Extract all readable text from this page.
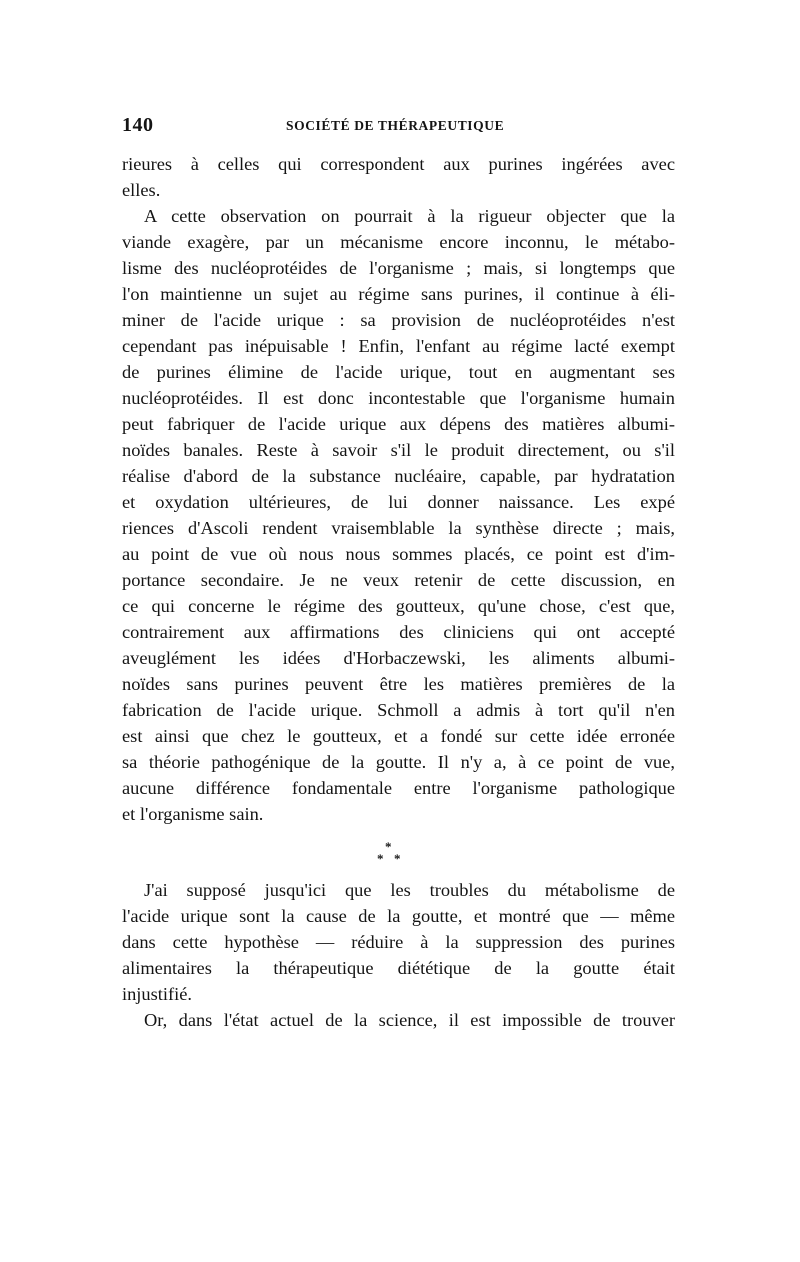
140	SOCIÉTÉ DE THÉRAPEUTIQUE
rieures à celles qui correspondent aux purines ingérées avec
elles.
A cette observation on pourrait à la rigueur objecter que la
viande exagère, par un mécanisme encore inconnu, le métabo-
lisme des nucléoprotéides de l'organisme ; mais, si longtemps que
l'on maintienne un sujet au régime sans purines, il continue à éli-
miner de l'acide urique : sa provision de nucléoprotéides n'est
cependant pas inépuisable ! Enfin, l'enfant au régime lacté exempt
de purines élimine de l'acide urique, tout en augmentant ses
nucléoprotéides. Il est donc incontestable que l'organisme humain
peut fabriquer de l'acide urique aux dépens des matières albumi-
noïdes banales. Reste à savoir s'il le produit directement, ou s'il
réalise d'abord de la substance nucléaire, capable, par hydratation
et oxydation ultérieures, de lui donner naissance. Les expé
riences d'Ascoli rendent vraisemblable la synthèse directe ; mais,
au point de vue où nous nous sommes placés, ce point est d'im-
portance secondaire. Je ne veux retenir de cette discussion, en
ce qui concerne le régime des goutteux, qu'une chose, c'est que,
contrairement aux affirmations des cliniciens qui ont accepté
aveuglément les idées d'Horbaczewski, les aliments albumi-
noïdes sans purines peuvent être les matières premières de la
fabrication de l'acide urique. Schmoll a admis à tort qu'il n'en
est ainsi que chez le goutteux, et a fondé sur cette idée erronée
sa théorie pathogénique de la goutte. Il n'y a, à ce point de vue,
aucune différence fondamentale entre l'organisme pathologique
et l'organisme sain.
*
* *
J'ai supposé jusqu'ici que les troubles du métabolisme de
l'acide urique sont la cause de la goutte, et montré que — même
dans cette hypothèse — réduire à la suppression des purines
alimentaires la thérapeutique diététique de la goutte était
injustifié.
Or, dans l'état actuel de la science, il est impossible de trouver
